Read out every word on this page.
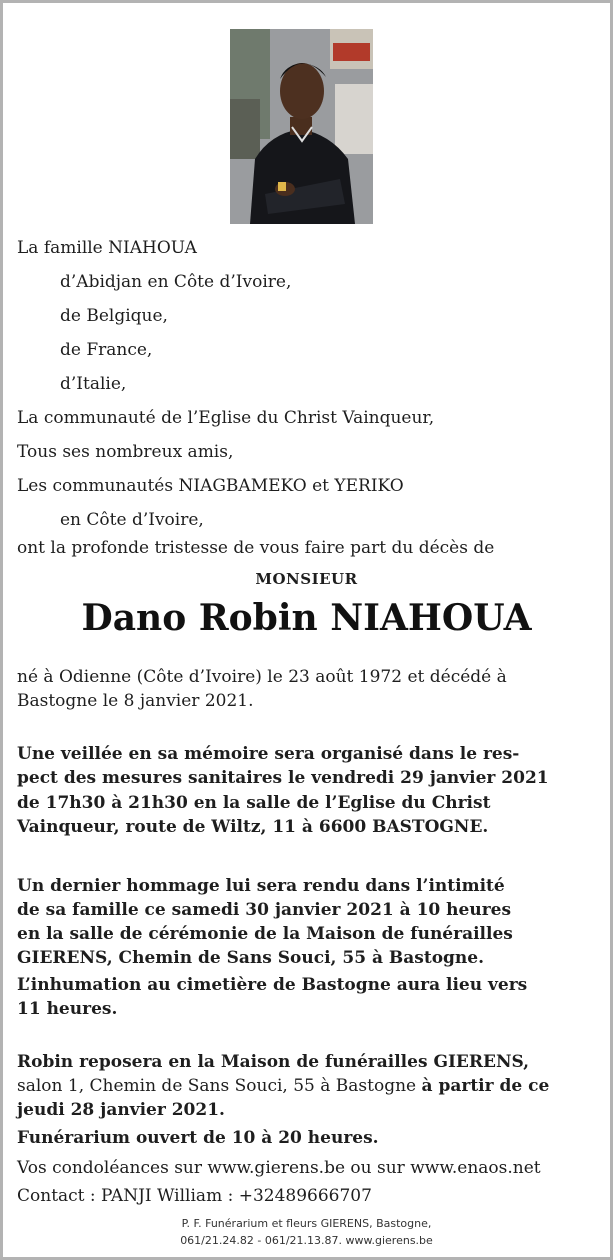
La famille NIAHOUA
d’Abidjan en Côte d’Ivoire,
de Belgique,
de France,
d’Italie,
La communauté de l’Eglise du Christ Vainqueur,
Tous ses nombreux amis,
Les communautés NIAGBAMEKO et YERIKO
en Côte d’Ivoire,
ont la profonde tristesse de vous faire part du décès de
MONSIEUR
Dano Robin NIAHOUA
né à Odienne (Côte d’Ivoire) le 23 août 1972 et décédé à
Bastogne le 8 janvier 2021.
Une veillée en sa mémoire sera organisé dans le res-
pect des mesures sanitaires le vendredi 29 janvier 2021
de 17h30 à 21h30 en la salle de l’Eglise du Christ
Vainqueur, route de Wiltz, 11 à 6600 BASTOGNE.
Un dernier hommage lui sera rendu dans l’intimité
de sa famille ce samedi 30 janvier 2021 à 10 heures
en la salle de cérémonie de la Maison de funérailles
GIERENS, Chemin de Sans Souci, 55 à Bastogne.
L’inhumation au cimetière de Bastogne aura lieu vers
11 heures.
Robin reposera en la Maison de funérailles GIERENS,
salon 1, Chemin de Sans Souci, 55 à Bastogne à partir de ce
jeudi 28 janvier 2021.
Funérarium ouvert de 10 à 20 heures.
Vos condoléances sur www.gierens.be ou sur www.enaos.net
Contact : PANJI William : +32489666707
P. F. Funérarium et fleurs GIERENS, Bastogne,
061/21.24.82 - 061/21.13.87. www.gierens.be
